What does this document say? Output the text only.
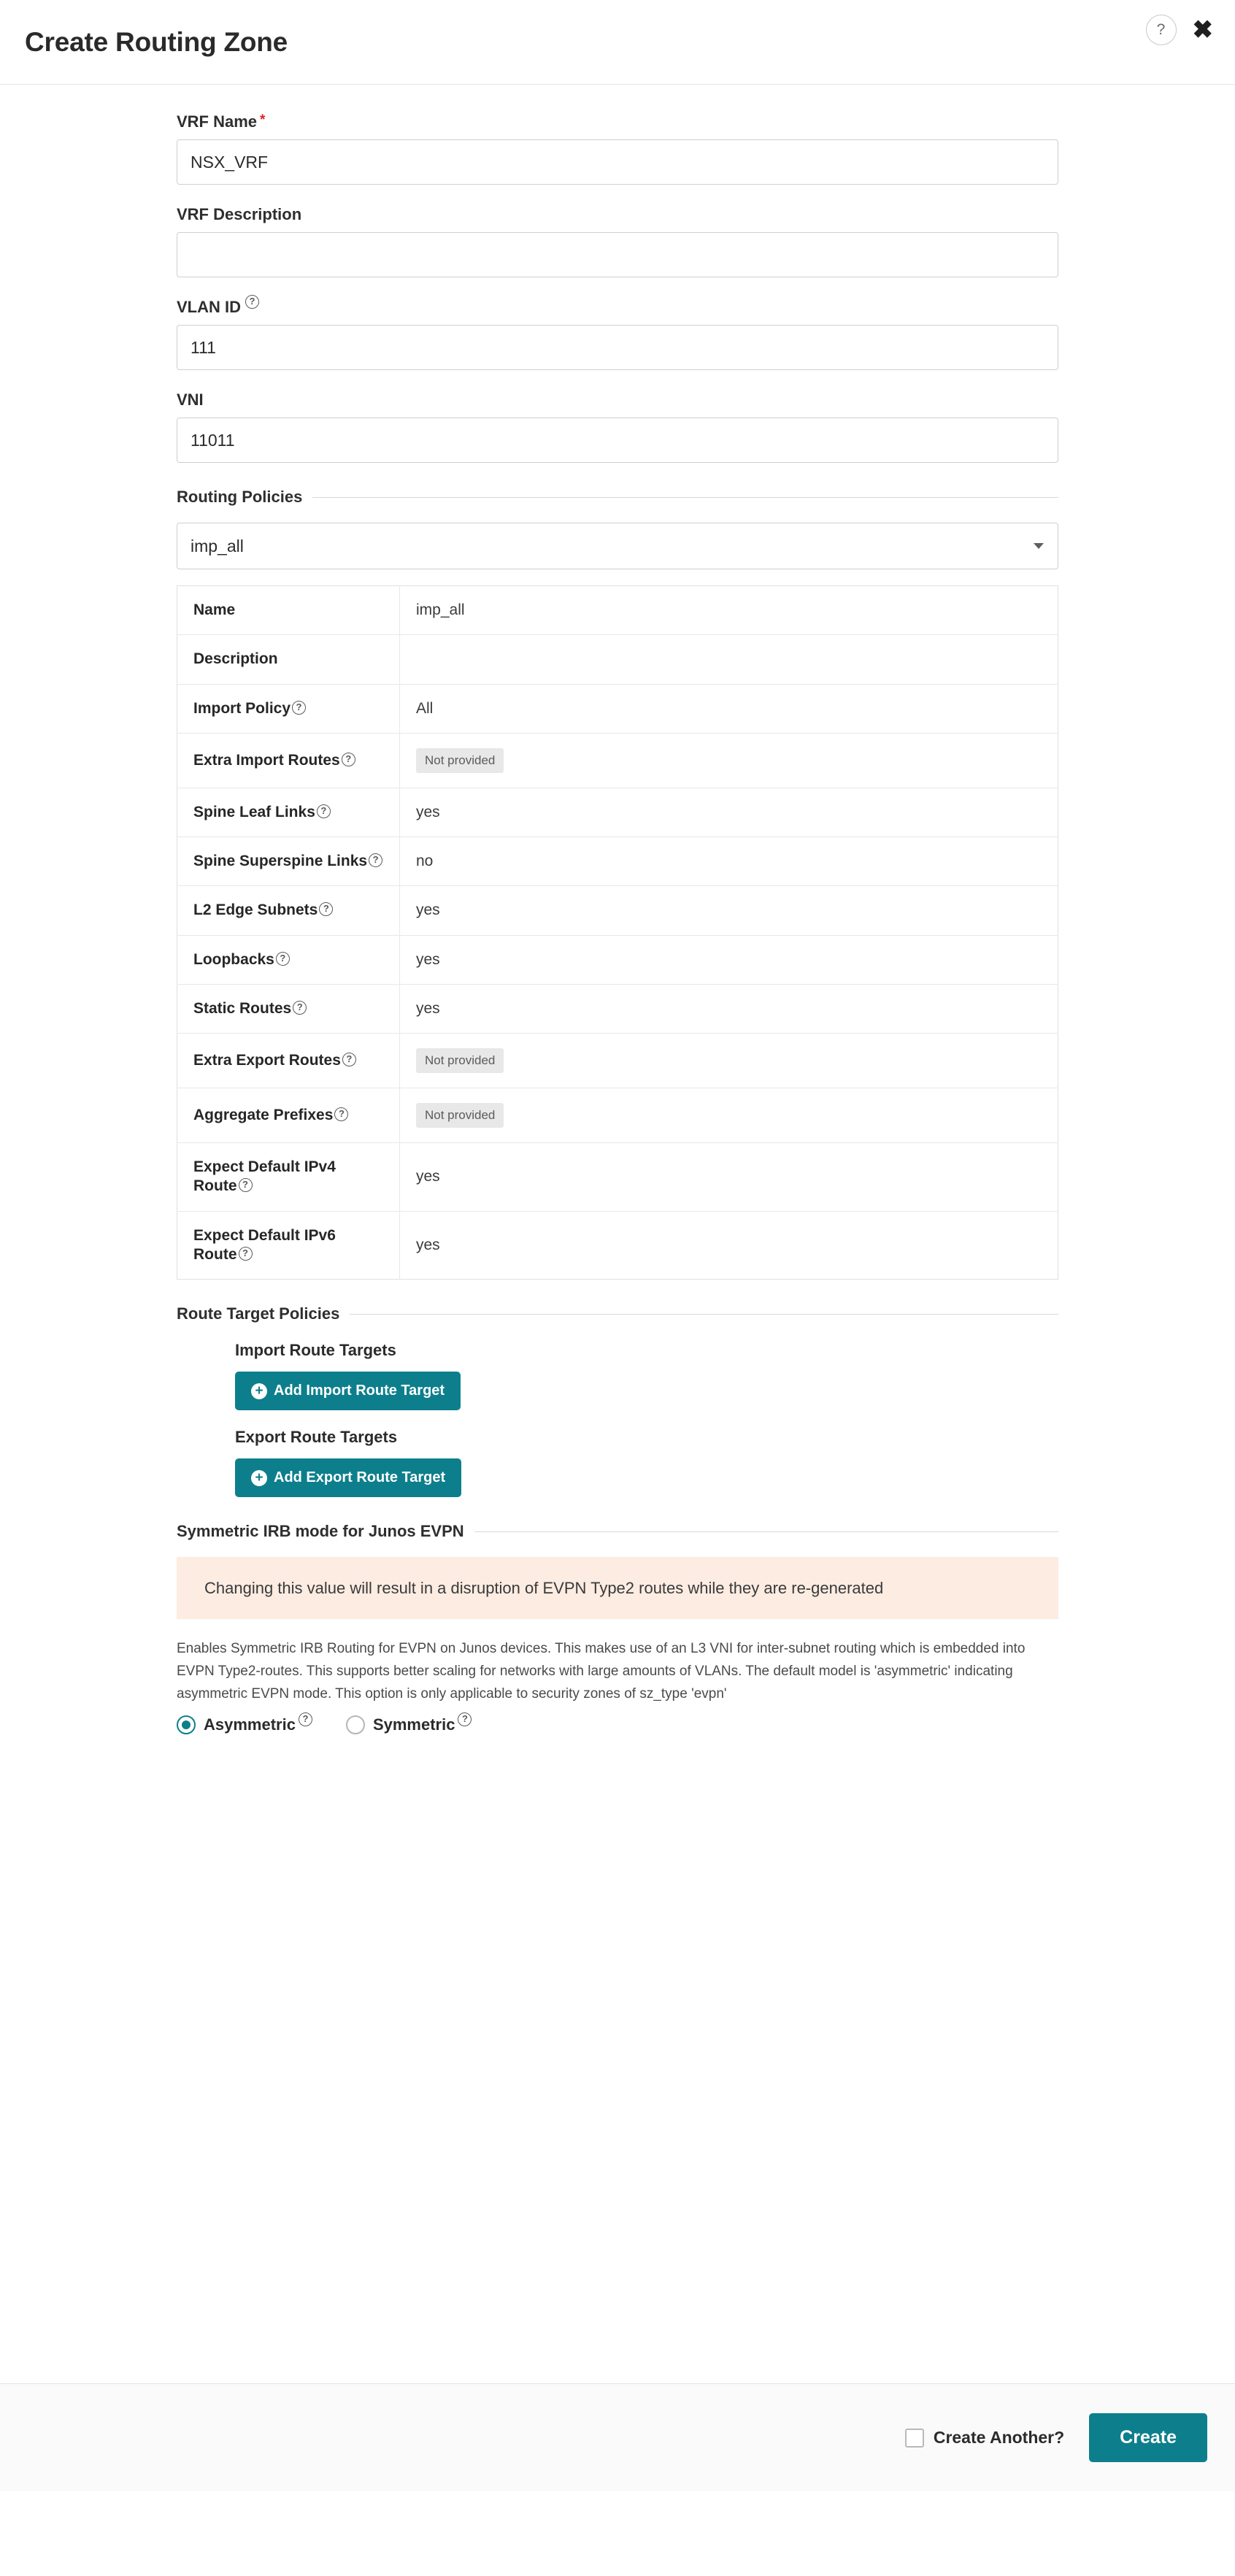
Create Routing Zone	?	✖
VRF Name *
NSX_VRF
VRF Description
VLAN ID ?
111
VNI
11011
Routing Policies
imp_all
Name	imp_all
Description	
Import Policy ?	All
Extra Import Routes ?	Not provided
Spine Leaf Links ?	yes
Spine Superspine Links ?	no
L2 Edge Subnets ?	yes
Loopbacks ?	yes
Static Routes ?	yes
Extra Export Routes ?	Not provided
Aggregate Prefixes ?	Not provided
Expect Default IPv4 Route ?	yes
Expect Default IPv6 Route ?	yes
Route Target Policies
Import Route Targets
+ Add Import Route Target
Export Route Targets
+ Add Export Route Target
Symmetric IRB mode for Junos EVPN
Changing this value will result in a disruption of EVPN Type2 routes while they are re-generated
Enables Symmetric IRB Routing for EVPN on Junos devices. This makes use of an L3 VNI for inter-subnet routing which is embedded into EVPN Type2-routes. This supports better scaling for networks with large amounts of VLANs. The default model is 'asymmetric' indicating asymmetric EVPN mode. This option is only applicable to security zones of sz_type 'evpn'
Asymmetric ?	Symmetric ?
Create Another?	Create
